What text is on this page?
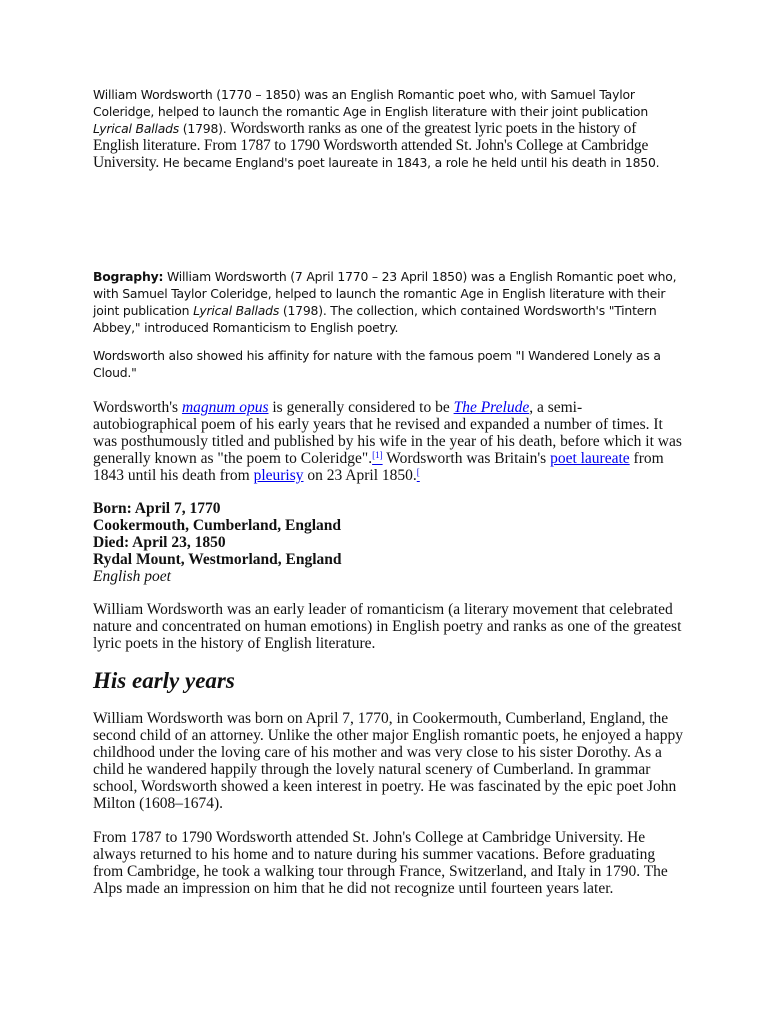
William Wordsworth (1770 – 1850) was an English Romantic poet who, with Samuel Taylor Coleridge, helped to launch the romantic Age in English literature with their joint publication Lyrical Ballads (1798). Wordsworth ranks as one of the greatest lyric poets in the history of English literature. From 1787 to 1790 Wordsworth attended St. John's College at Cambridge University. He became England's poet laureate in 1843, a role he held until his death in 1850.

Bography: William Wordsworth (7 April 1770 – 23 April 1850) was a English Romantic poet who, with Samuel Taylor Coleridge, helped to launch the romantic Age in English literature with their joint publication Lyrical Ballads (1798). The collection, which contained Wordsworth's "Tintern Abbey," introduced Romanticism to English poetry.

Wordsworth also showed his affinity for nature with the famous poem "I Wandered Lonely as a Cloud."

Wordsworth's magnum opus is generally considered to be The Prelude, a semi-autobiographical poem of his early years that he revised and expanded a number of times. It was posthumously titled and published by his wife in the year of his death, before which it was generally known as "the poem to Coleridge".[1] Wordsworth was Britain's poet laureate from 1843 until his death from pleurisy on 23 April 1850.[

Born: April 7, 1770
Cookermouth, Cumberland, England
Died: April 23, 1850
Rydal Mount, Westmorland, England
English poet

William Wordsworth was an early leader of romanticism (a literary movement that celebrated nature and concentrated on human emotions) in English poetry and ranks as one of the greatest lyric poets in the history of English literature.

His early years

William Wordsworth was born on April 7, 1770, in Cookermouth, Cumberland, England, the second child of an attorney. Unlike the other major English romantic poets, he enjoyed a happy childhood under the loving care of his mother and was very close to his sister Dorothy. As a child he wandered happily through the lovely natural scenery of Cumberland. In grammar school, Wordsworth showed a keen interest in poetry. He was fascinated by the epic poet John Milton (1608–1674).

From 1787 to 1790 Wordsworth attended St. John's College at Cambridge University. He always returned to his home and to nature during his summer vacations. Before graduating from Cambridge, he took a walking tour through France, Switzerland, and Italy in 1790. The Alps made an impression on him that he did not recognize until fourteen years later.
